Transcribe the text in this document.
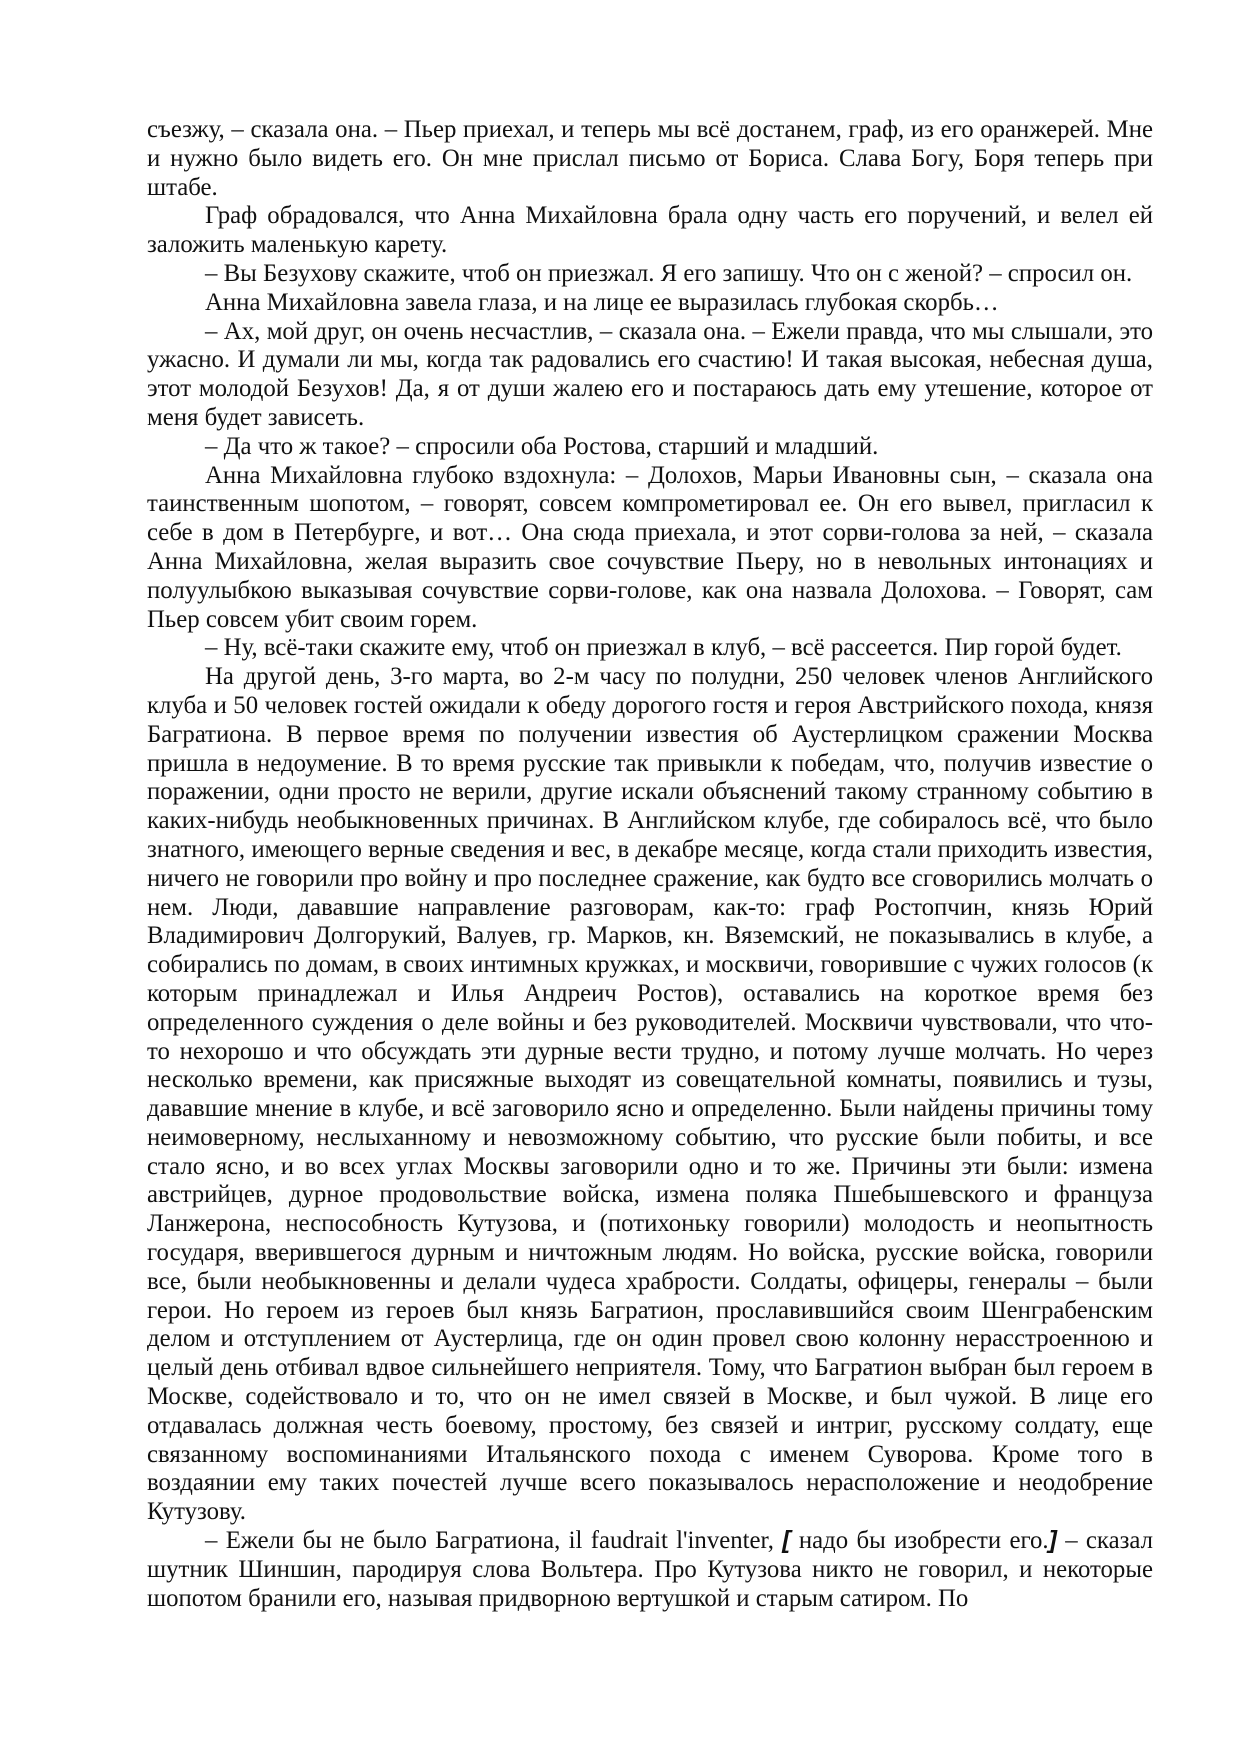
съезжу, – сказала она. – Пьер приехал, и теперь мы всё достанем, граф, из его оранжерей. Мне и нужно было видеть его. Он мне прислал письмо от Бориса. Слава Богу, Боря теперь при штабе.

Граф обрадовался, что Анна Михайловна брала одну часть его поручений, и велел ей заложить маленькую карету.

– Вы Безухову скажите, чтоб он приезжал. Я его запишу. Что он с женой? – спросил он.

Анна Михайловна завела глаза, и на лице ее выразилась глубокая скорбь…

– Ах, мой друг, он очень несчастлив, – сказала она. – Ежели правда, что мы слышали, это ужасно. И думали ли мы, когда так радовались его счастию! И такая высокая, небесная душа, этот молодой Безухов! Да, я от души жалею его и постараюсь дать ему утешение, которое от меня будет зависеть.

– Да что ж такое? – спросили оба Ростова, старший и младший.

Анна Михайловна глубоко вздохнула: – Долохов, Марьи Ивановны сын, – сказала она таинственным шопотом, – говорят, совсем компрометировал ее. Он его вывел, пригласил к себе в дом в Петербурге, и вот… Она сюда приехала, и этот сорви-голова за ней, – сказала Анна Михайловна, желая выразить свое сочувствие Пьеру, но в невольных интонациях и полуулыбкою выказывая сочувствие сорви-голове, как она назвала Долохова. – Говорят, сам Пьер совсем убит своим горем.

– Ну, всё-таки скажите ему, чтоб он приезжал в клуб, – всё рассеется. Пир горой будет.

На другой день, 3-го марта, во 2-м часу по полудни, 250 человек членов Английского клуба и 50 человек гостей ожидали к обеду дорогого гостя и героя Австрийского похода, князя Багратиона. В первое время по получении известия об Аустерлицком сражении Москва пришла в недоумение. В то время русские так привыкли к победам, что, получив известие о поражении, одни просто не верили, другие искали объяснений такому странному событию в каких-нибудь необыкновенных причинах. В Английском клубе, где собиралось всё, что было знатного, имеющего верные сведения и вес, в декабре месяце, когда стали приходить известия, ничего не говорили про войну и про последнее сражение, как будто все сговорились молчать о нем. Люди, дававшие направление разговорам, как-то: граф Ростопчин, князь Юрий Владимирович Долгорукий, Валуев, гр. Марков, кн. Вяземский, не показывались в клубе, а собирались по домам, в своих интимных кружках, и москвичи, говорившие с чужих голосов (к которым принадлежал и Илья Андреич Ростов), оставались на короткое время без определенного суждения о деле войны и без руководителей. Москвичи чувствовали, что что-то нехорошо и что обсуждать эти дурные вести трудно, и потому лучше молчать. Но через несколько времени, как присяжные выходят из совещательной комнаты, появились и тузы, дававшие мнение в клубе, и всё заговорило ясно и определенно. Были найдены причины тому неимоверному, неслыханному и невозможному событию, что русские были побиты, и все стало ясно, и во всех углах Москвы заговорили одно и то же. Причины эти были: измена австрийцев, дурное продовольствие войска, измена поляка Пшебышевского и француза Ланжерона, неспособность Кутузова, и (потихоньку говорили) молодость и неопытность государя, вверившегося дурным и ничтожным людям. Но войска, русские войска, говорили все, были необыкновенны и делали чудеса храбрости. Солдаты, офицеры, генералы – были герои. Но героем из героев был князь Багратион, прославившийся своим Шенграбенским делом и отступлением от Аустерлица, где он один провел свою колонну нерасстроенною и целый день отбивал вдвое сильнейшего неприятеля. Тому, что Багратион выбран был героем в Москве, содействовало и то, что он не имел связей в Москве, и был чужой. В лице его отдавалась должная честь боевому, простому, без связей и интриг, русскому солдату, еще связанному воспоминаниями Итальянского похода с именем Суворова. Кроме того в воздаянии ему таких почестей лучше всего показывалось нерасположение и неодобрение Кутузову.

– Ежели бы не было Багратиона, il faudrait l'inventer, [ надо бы изобрести его.] – сказал шутник Шиншин, пародируя слова Вольтера. Про Кутузова никто не говорил, и некоторые шопотом бранили его, называя придворною вертушкой и старым сатиром. По
